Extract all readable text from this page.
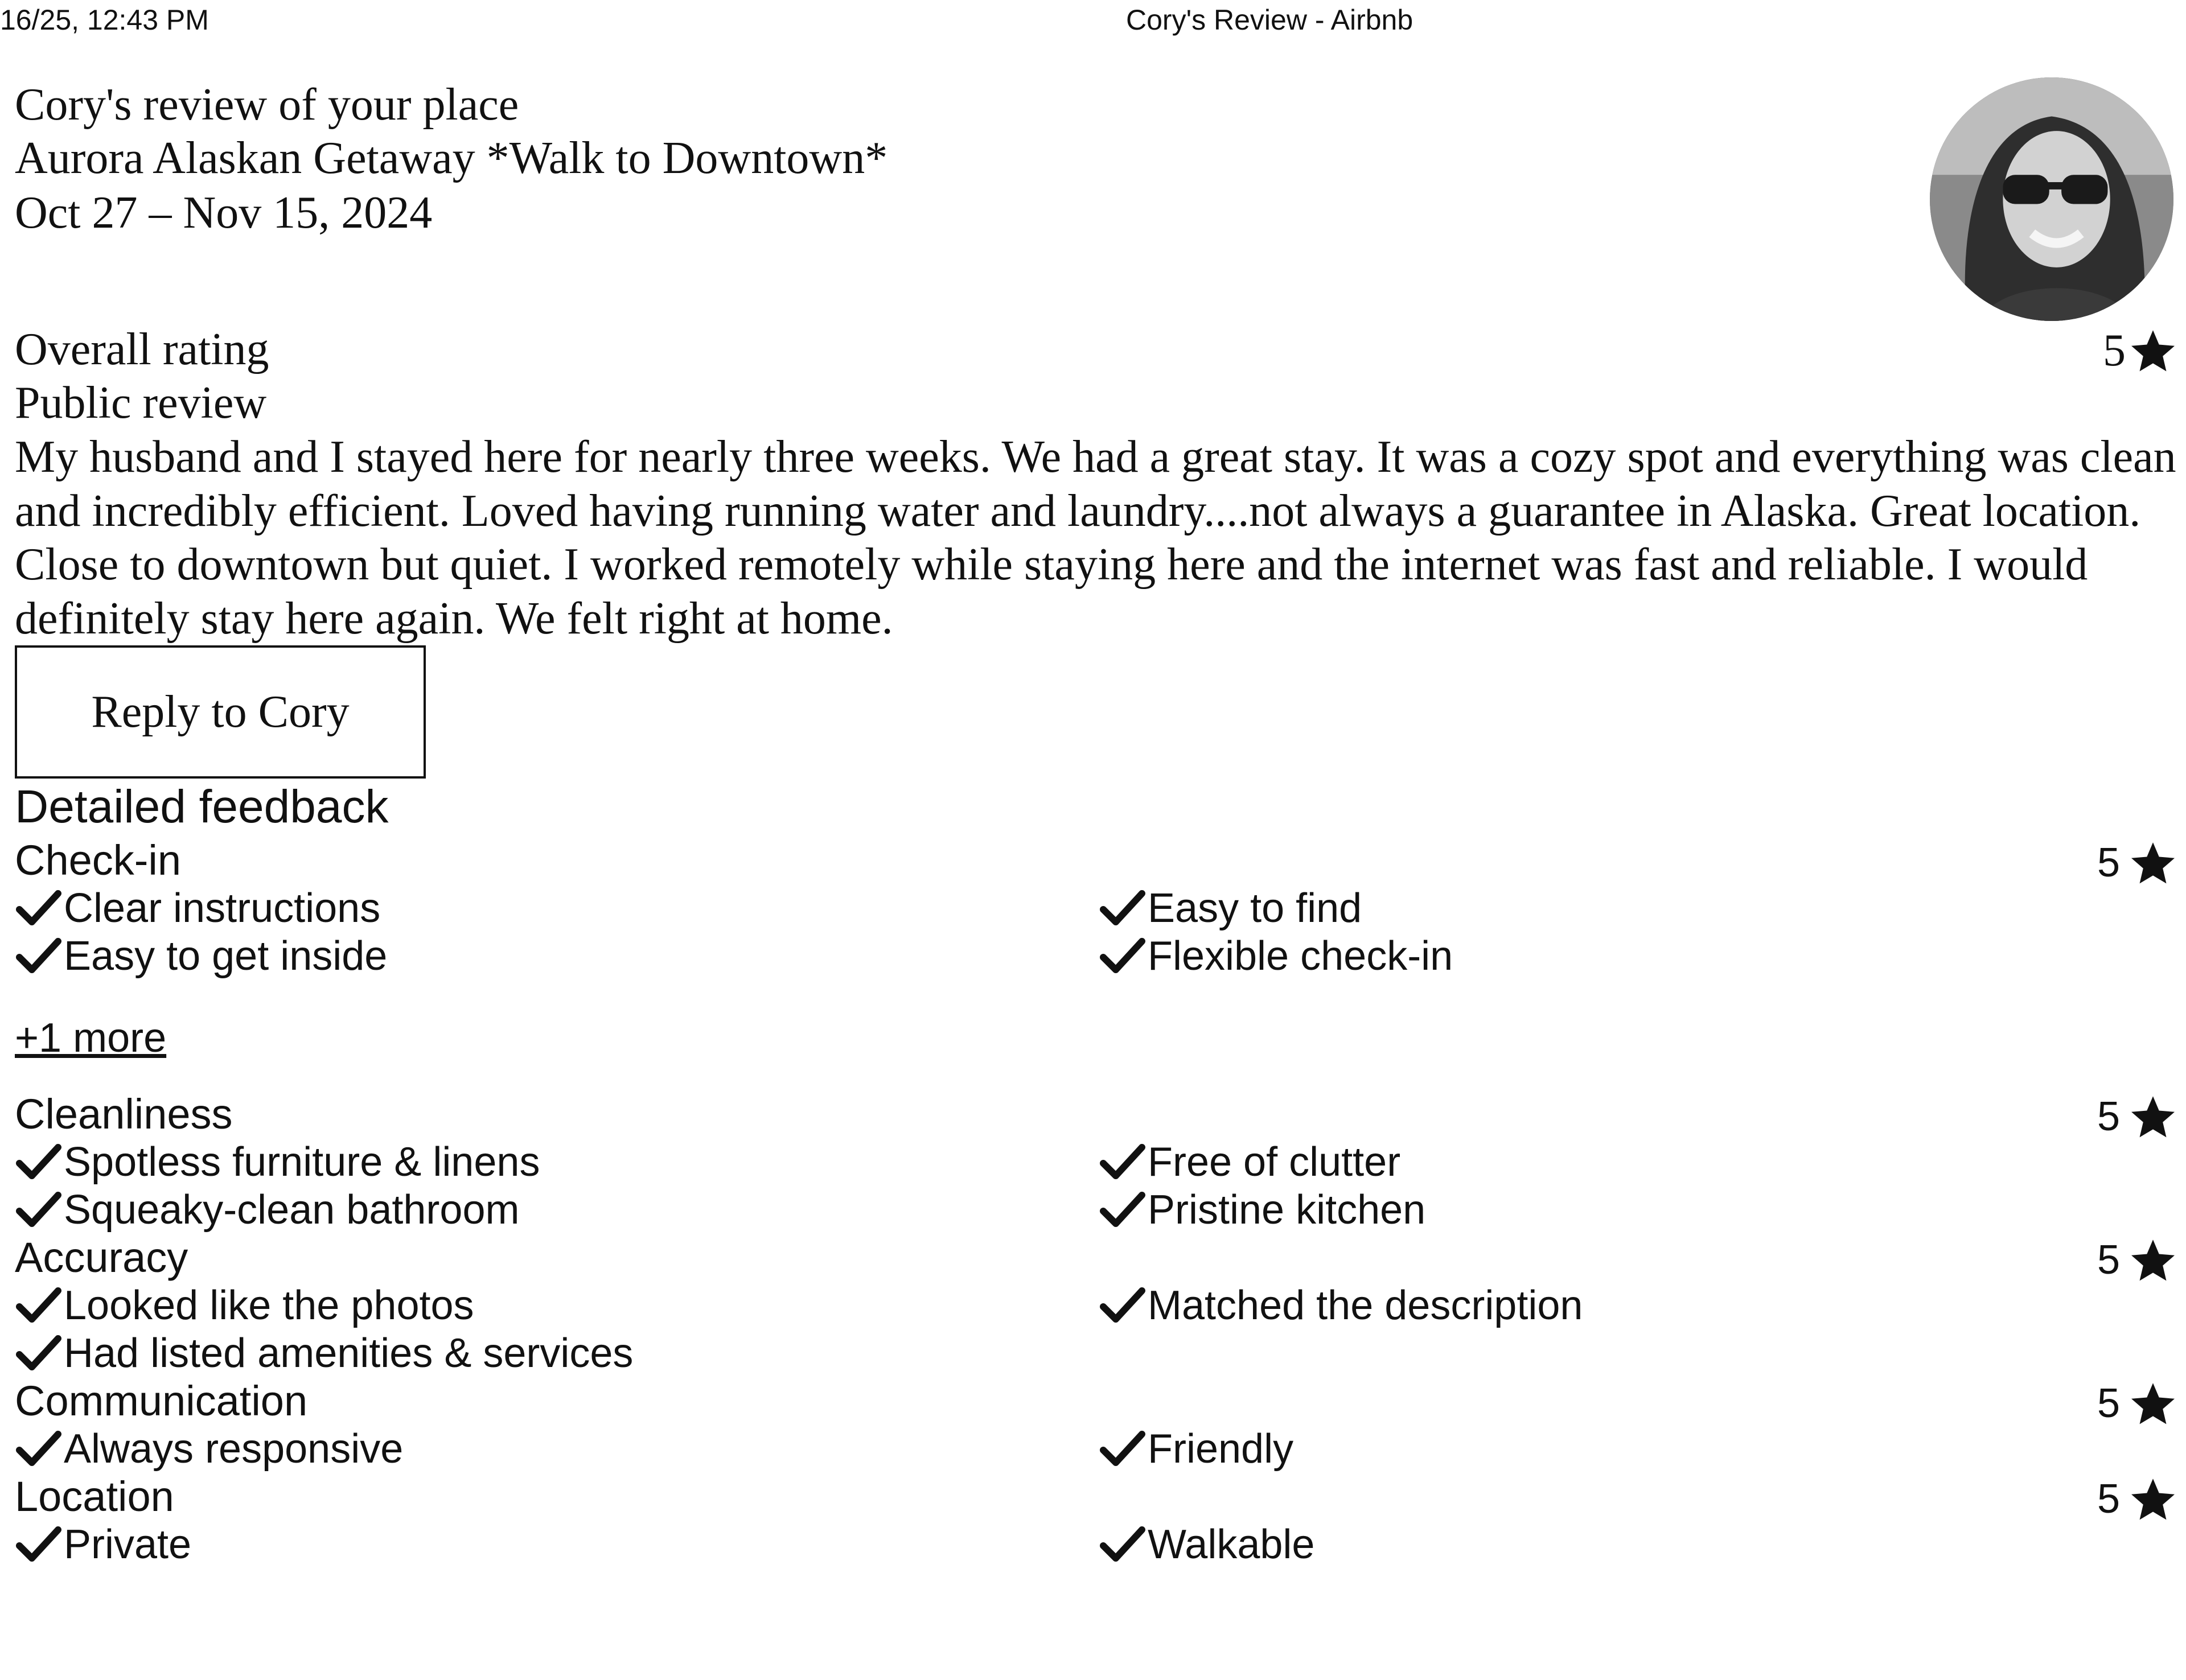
16/25, 12:43 PM	Cory's Review - Airbnb
Cory's review of your place
Aurora Alaskan Getaway *Walk to Downtown*
Oct 27 – Nov 15, 2024
Overall rating	5
Public review
My husband and I stayed here for nearly three weeks. We had a great stay. It was a cozy spot and everything was clean and incredibly efficient. Loved having running water and laundry....not always a guarantee in Alaska. Great location. Close to downtown but quiet. I worked remotely while staying here and the internet was fast and reliable. I would definitely stay here again. We felt right at home.
Reply to Cory
Detailed feedback
Check-in	5
Clear instructions	Easy to find
Easy to get inside	Flexible check-in
Cleanliness	5
Spotless furniture & linens	Free of clutter
Squeaky-clean bathroom	Pristine kitchen
Accuracy	5
Looked like the photos	Matched the description
Had listed amenities & services
Communication	5
Always responsive	Friendly
Location	5
Private	Walkable
+1 more
